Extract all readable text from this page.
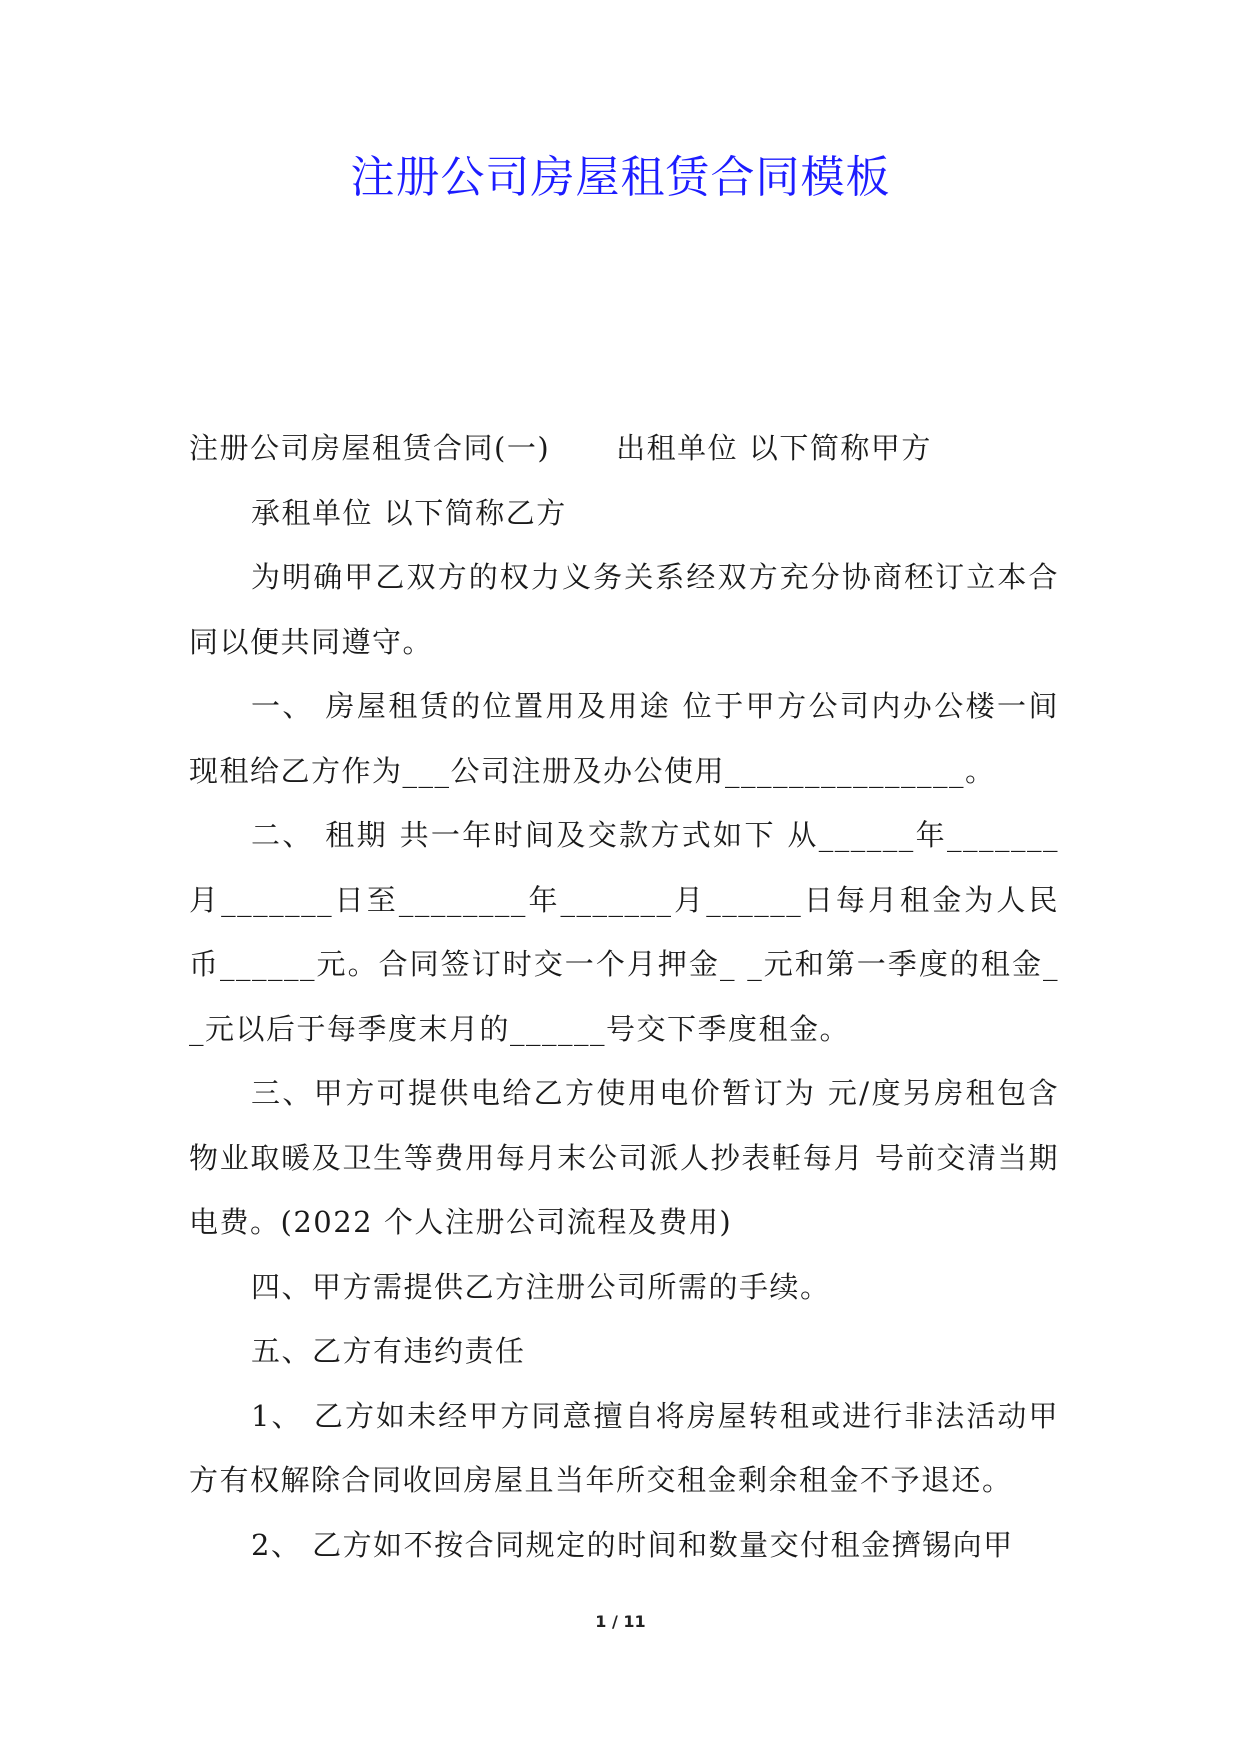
注册公司房屋租赁合同模板

注册公司房屋租赁合同(一) 出租单位 以下简称甲方

承租单位 以下简称乙方

为明确甲乙双方的权力义务关系经双方充分协商秠订立本合同以便共同遵守。

一、 房屋租赁的位置用及用途 位于甲方公司内办公楼一间现租给乙方作为___公司注册及办公使用_______________。

二、 租期 共一年时间及交款方式如下 从______年_______月_______日至________年_______月______日每月租金为人民币______元。合同签订时交一个月押金_ _元和第一季度的租金_ _元以后于每季度末月的______号交下季度租金。

三、甲方可提供电给乙方使用电价暂订为 元/度另房租包含物业取暖及卫生等费用每月末公司派人抄表軠每月 号前交清当期电费。(2022 个人注册公司流程及费用)

四、甲方需提供乙方注册公司所需的手续。

五、乙方有违约责任

1、 乙方如未经甲方同意擅自将房屋转租或进行非法活动甲方有权解除合同收回房屋且当年所交租金剩余租金不予退还。

2、 乙方如不按合同规定的时间和数量交付租金擠锡向甲

1 / 11
